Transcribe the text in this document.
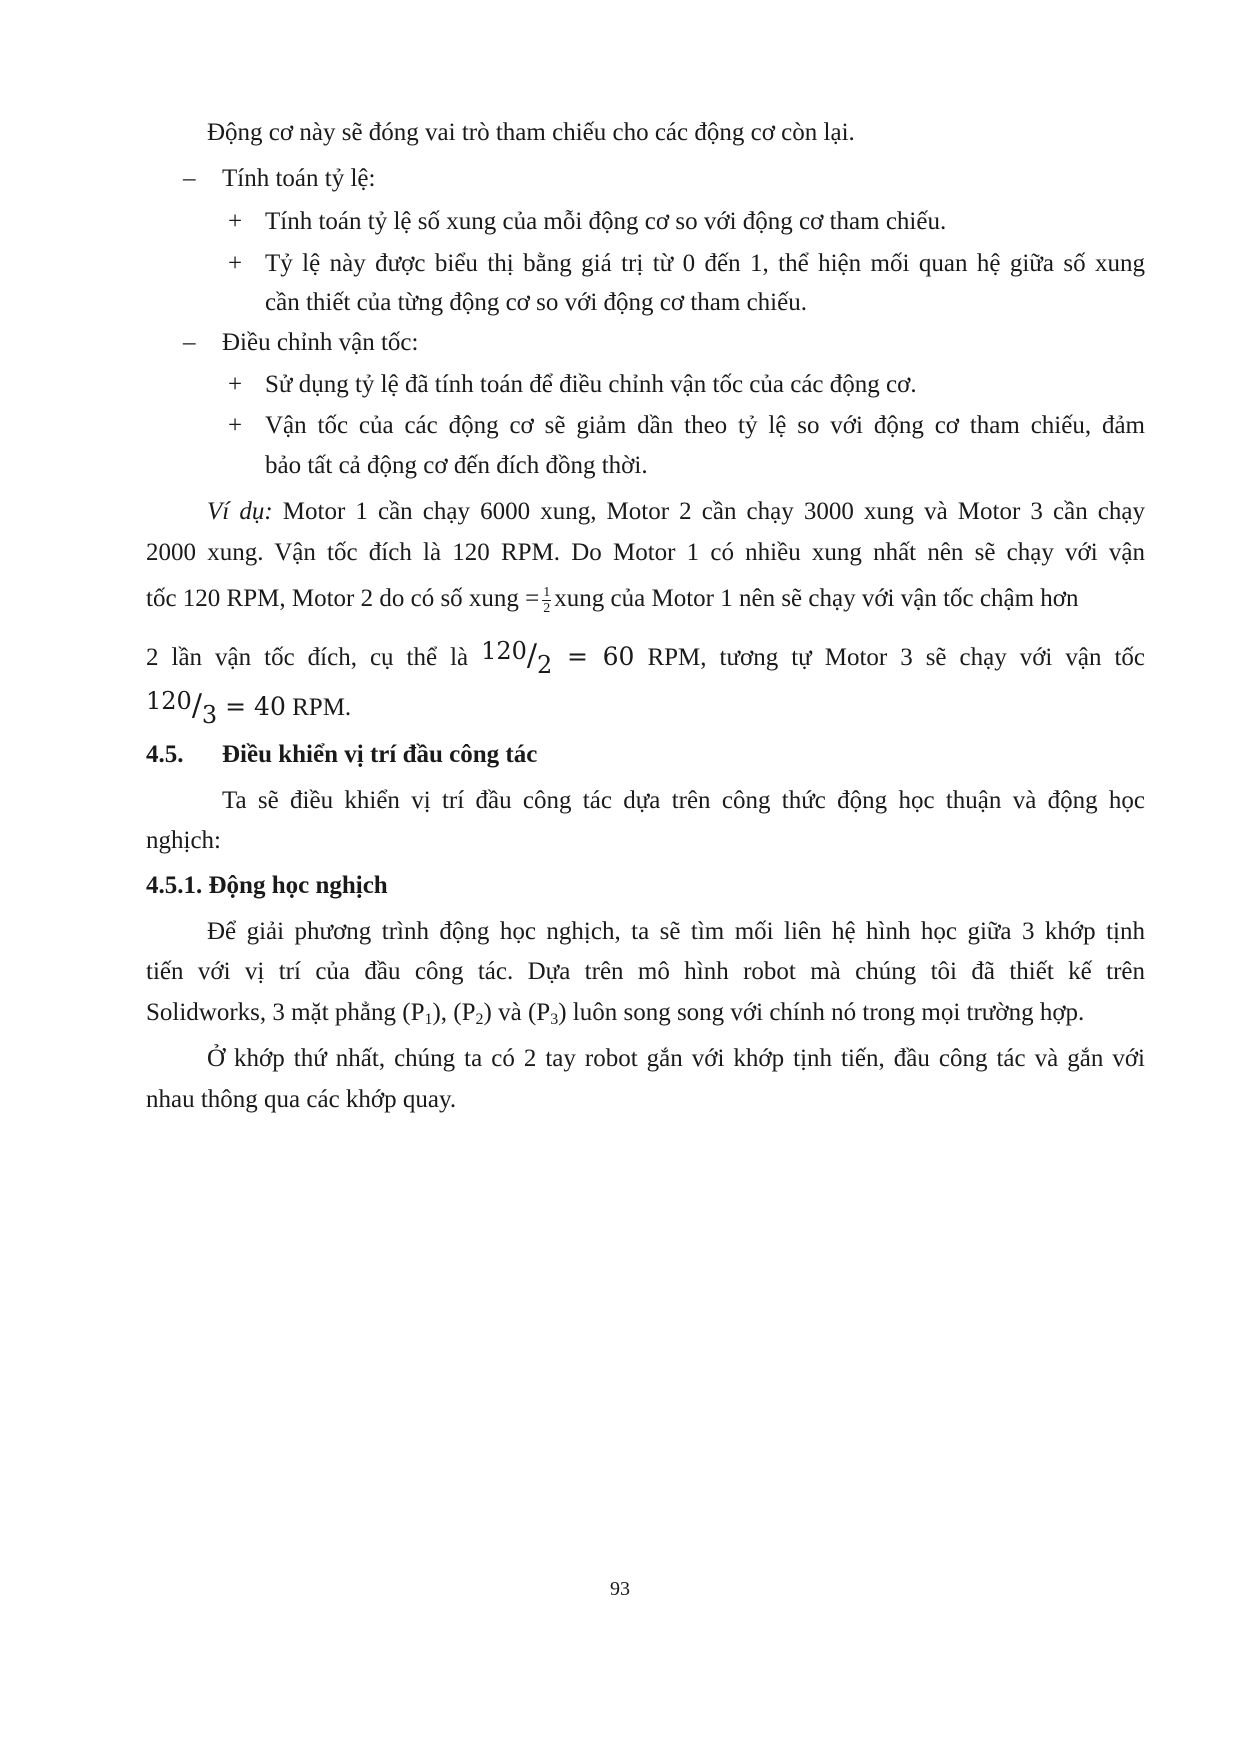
Động cơ này sẽ đóng vai trò tham chiếu cho các động cơ còn lại.
– Tính toán tỷ lệ:
+ Tính toán tỷ lệ số xung của mỗi động cơ so với động cơ tham chiếu.
+ Tỷ lệ này được biểu thị bằng giá trị từ 0 đến 1, thể hiện mối quan hệ giữa số xung
cần thiết của từng động cơ so với động cơ tham chiếu.
– Điều chỉnh vận tốc:
+ Sử dụng tỷ lệ đã tính toán để điều chỉnh vận tốc của các động cơ.
+ Vận tốc của các động cơ sẽ giảm dần theo tỷ lệ so với động cơ tham chiếu, đảm
bảo tất cả động cơ đến đích đồng thời.
Ví dụ: Motor 1 cần chạy 6000 xung, Motor 2 cần chạy 3000 xung và Motor 3 cần chạy
2000 xung. Vận tốc đích là 120 RPM. Do Motor 1 có nhiều xung nhất nên sẽ chạy với vận
tốc 120 RPM, Motor 2 do có số xung = $\frac{1}{2}$ xung của Motor 1 nên sẽ chạy với vận tốc chậm hơn
2 lần vận tốc đích, cụ thể là 120/2 = 60 RPM, tương tự Motor 3 sẽ chạy với vận tốc
120/3 = 40 RPM.
4.5. Điều khiển vị trí đầu công tác
Ta sẽ điều khiển vị trí đầu công tác dựa trên công thức động học thuận và động học
nghịch:
4.5.1. Động học nghịch
Để giải phương trình động học nghịch, ta sẽ tìm mối liên hệ hình học giữa 3 khớp tịnh
tiến với vị trí của đầu công tác. Dựa trên mô hình robot mà chúng tôi đã thiết kế trên
Solidworks, 3 mặt phẳng $(P_1)$, $(P_2)$ và $(P_3)$ luôn song song với chính nó trong mọi trường hợp.
Ở khớp thứ nhất, chúng ta có 2 tay robot gắn với khớp tịnh tiến, đầu công tác và gắn với
nhau thông qua các khớp quay.
93
